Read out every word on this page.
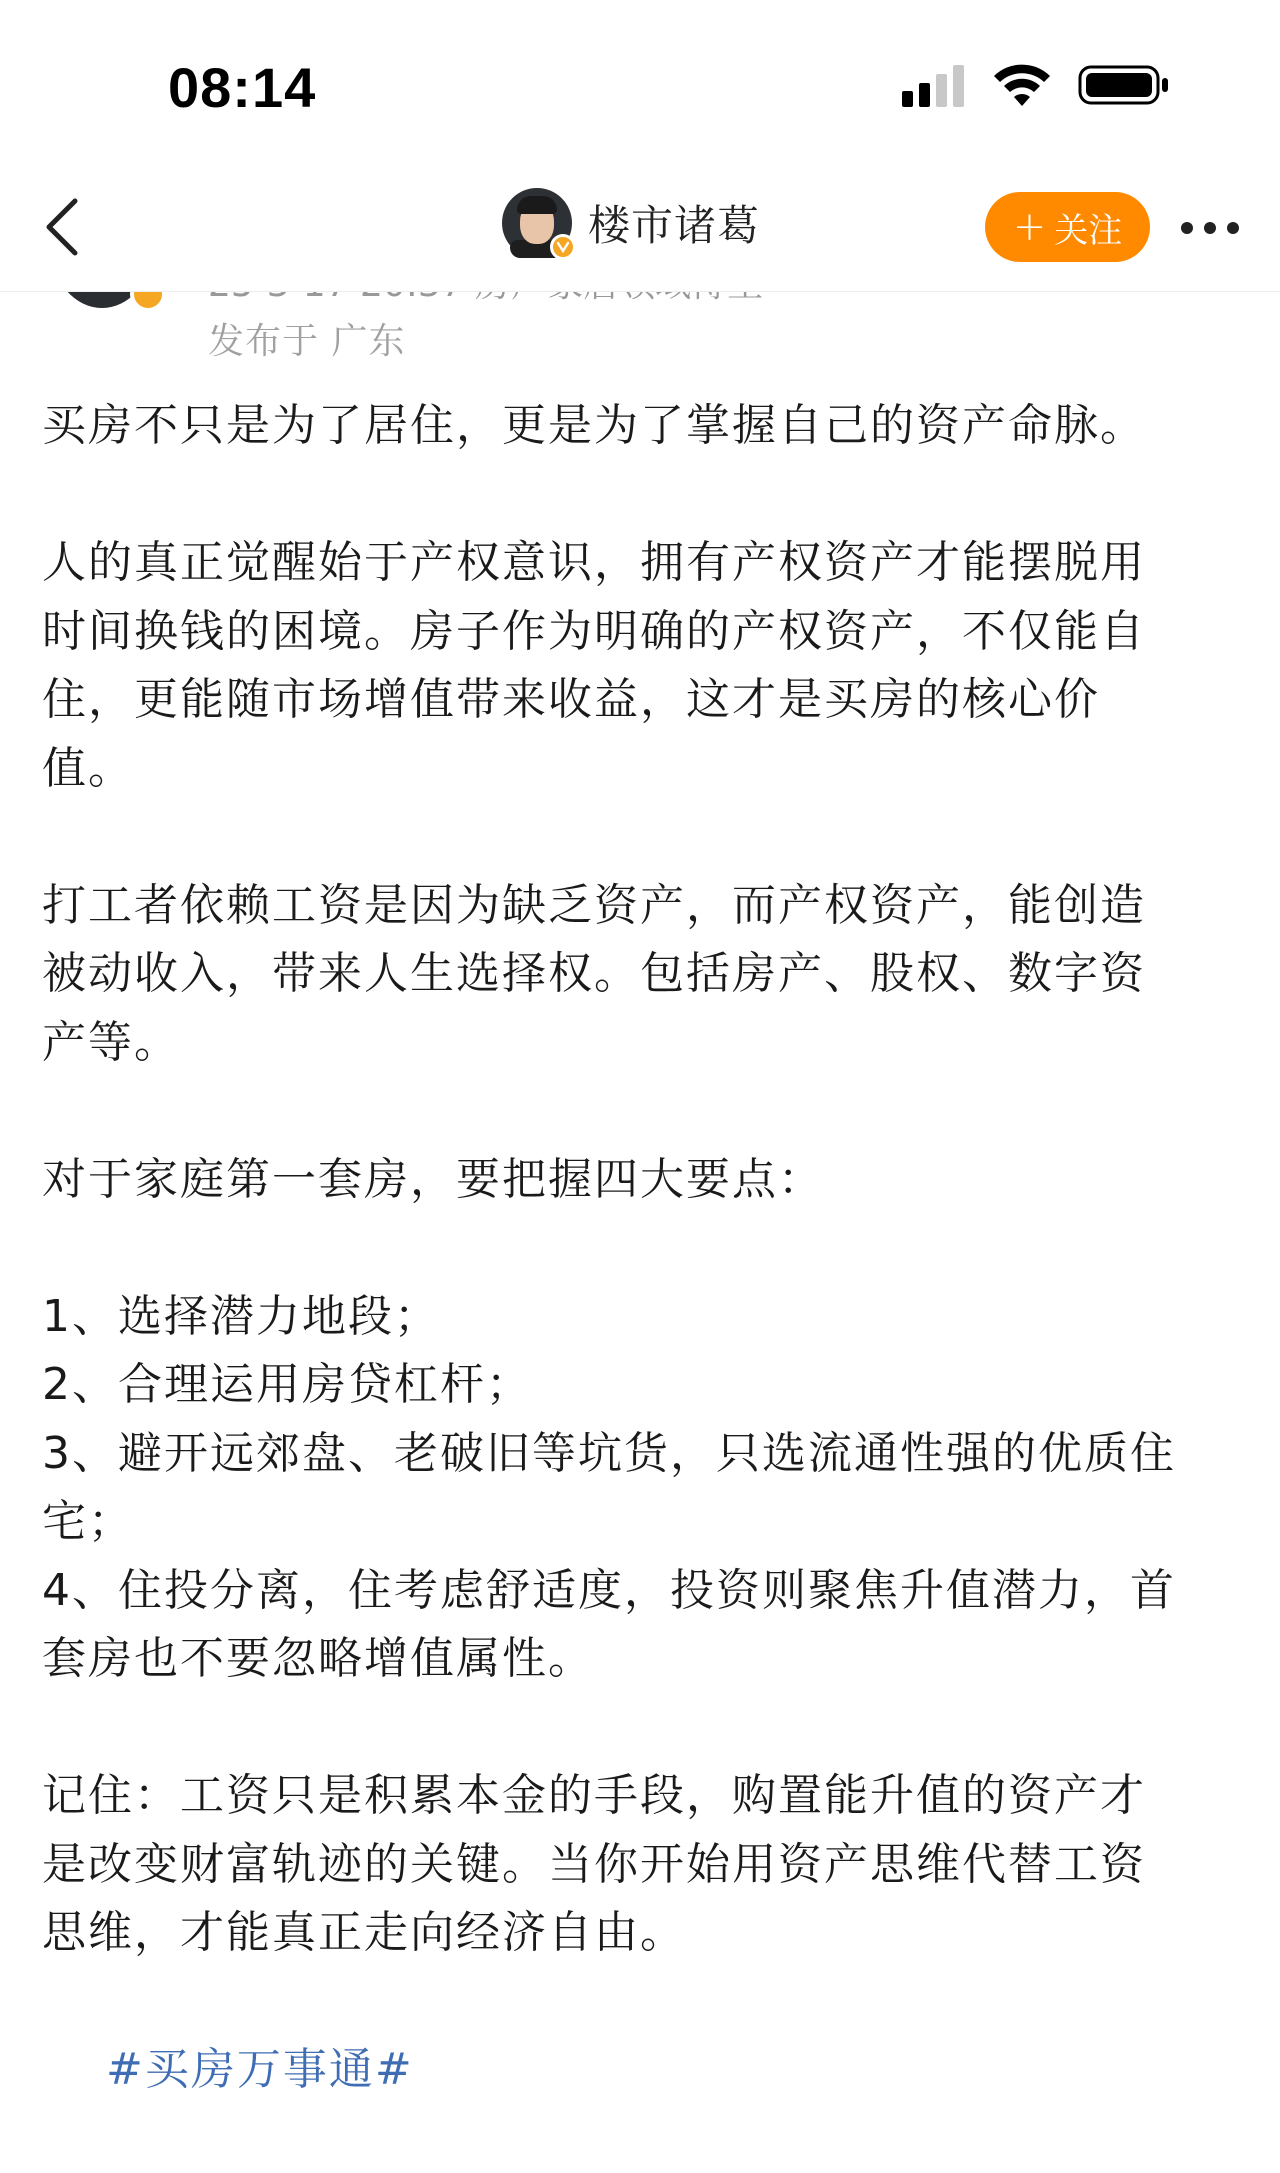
08:14
发布于 广东
楼市诸葛	+ 关注

买房不只是为了居住，更是为了掌握自己的资产命脉。

人的真正觉醒始于产权意识，拥有产权资产才能摆脱用

时间换钱的困境。房子作为明确的产权资产，不仅能自

住，更能随市场增值带来收益，这才是买房的核心价

值。

打工者依赖工资是因为缺乏资产，而产权资产，能创造

被动收入，带来人生选择权。包括房产、股权、数字资

产等。

对于家庭第一套房，要把握四大要点：

1、选择潜力地段；

2、合理运用房贷杠杆；

3、避开远郊盘、老破旧等坑货，只选流通性强的优质住

宅；

4、住投分离，住考虑舒适度，投资则聚焦升值潜力，首

套房也不要忽略增值属性。

记住：工资只是积累本金的手段，购置能升值的资产才

是改变财富轨迹的关键。当你开始用资产思维代替工资

思维，才能真正走向经济自由。

#买房万事通#
